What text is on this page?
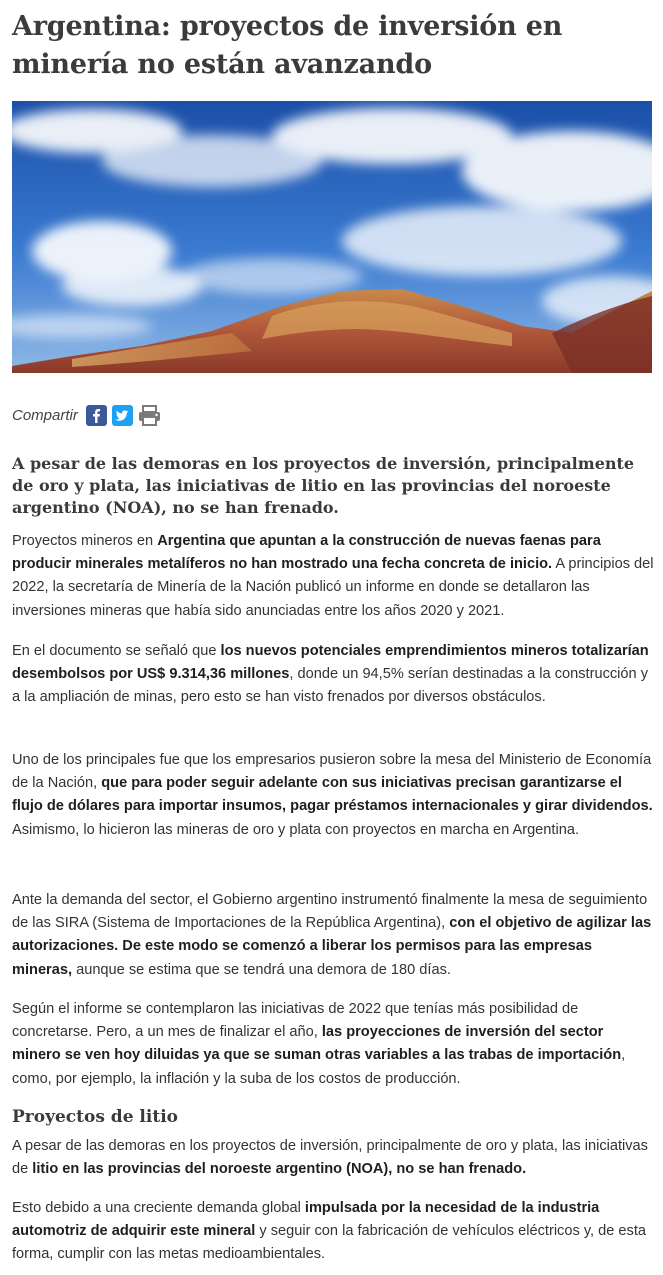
Argentina: proyectos de inversión en minería no están avanzando
Compartir

A pesar de las demoras en los proyectos de inversión, principalmente de oro y plata, las iniciativas de litio en las provincias del noroeste argentino (NOA), no se han frenado.

Proyectos mineros en Argentina que apuntan a la construcción de nuevas faenas para producir minerales metalíferos no han mostrado una fecha concreta de inicio. A principios del 2022, la secretaría de Minería de la Nación publicó un informe en donde se detallaron las inversiones mineras que había sido anunciadas entre los años 2020 y 2021.

En el documento se señaló que los nuevos potenciales emprendimientos mineros totalizarían desembolsos por US$ 9.314,36 millones, donde un 94,5% serían destinadas a la construcción y a la ampliación de minas, pero esto se han visto frenados por diversos obstáculos.

Uno de los principales fue que los empresarios pusieron sobre la mesa del Ministerio de Economía de la Nación, que para poder seguir adelante con sus iniciativas precisan garantizarse el flujo de dólares para importar insumos, pagar préstamos internacionales y girar dividendos. Asimismo, lo hicieron las mineras de oro y plata con proyectos en marcha en Argentina.

Ante la demanda del sector, el Gobierno argentino instrumentó finalmente la mesa de seguimiento de las SIRA (Sistema de Importaciones de la República Argentina), con el objetivo de agilizar las autorizaciones. De este modo se comenzó a liberar los permisos para las empresas mineras, aunque se estima que se tendrá una demora de 180 días.

Según el informe se contemplaron las iniciativas de 2022 que tenías más posibilidad de concretarse. Pero, a un mes de finalizar el año, las proyecciones de inversión del sector minero se ven hoy diluidas ya que se suman otras variables a las trabas de importación, como, por ejemplo, la inflación y la suba de los costos de producción.

Proyectos de litio

A pesar de las demoras en los proyectos de inversión, principalmente de oro y plata, las iniciativas de litio en las provincias del noroeste argentino (NOA), no se han frenado.

Esto debido a una creciente demanda global impulsada por la necesidad de la industria automotriz de adquirir este mineral y seguir con la fabricación de vehículos eléctricos y, de esta forma, cumplir con las metas medioambientales.
